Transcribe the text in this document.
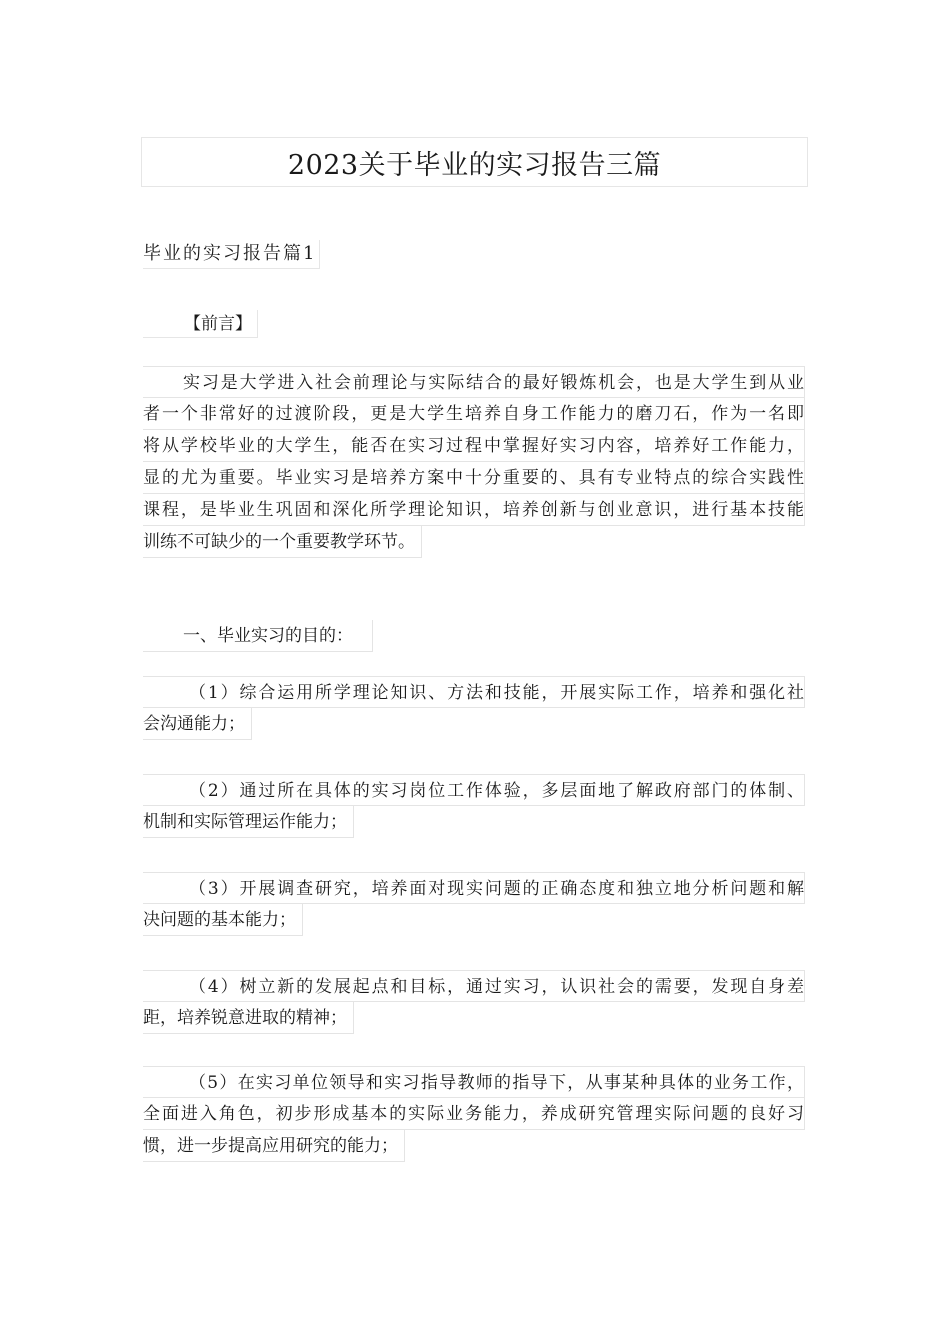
2023关于毕业的实习报告三篇
毕业的实习报告篇1
【前言】
实习是大学进入社会前理论与实际结合的最好锻炼机会，也是大学生到从业
者一个非常好的过渡阶段，更是大学生培养自身工作能力的磨刀石，作为一名即
将从学校毕业的大学生，能否在实习过程中掌握好实习内容，培养好工作能力，
显的尤为重要。毕业实习是培养方案中十分重要的、具有专业特点的综合实践性
课程，是毕业生巩固和深化所学理论知识，培养创新与创业意识，进行基本技能
训练不可缺少的一个重要教学环节。
一、毕业实习的目的：
（1）综合运用所学理论知识、方法和技能，开展实际工作，培养和强化社
会沟通能力；
（2）通过所在具体的实习岗位工作体验，多层面地了解政府部门的体制、
机制和实际管理运作能力；
（3）开展调查研究，培养面对现实问题的正确态度和独立地分析问题和解
决问题的基本能力；
（4）树立新的发展起点和目标，通过实习，认识社会的需要，发现自身差
距，培养锐意进取的精神；
（5）在实习单位领导和实习指导教师的指导下，从事某种具体的业务工作，
全面进入角色，初步形成基本的实际业务能力，养成研究管理实际问题的良好习
惯，进一步提高应用研究的能力；
